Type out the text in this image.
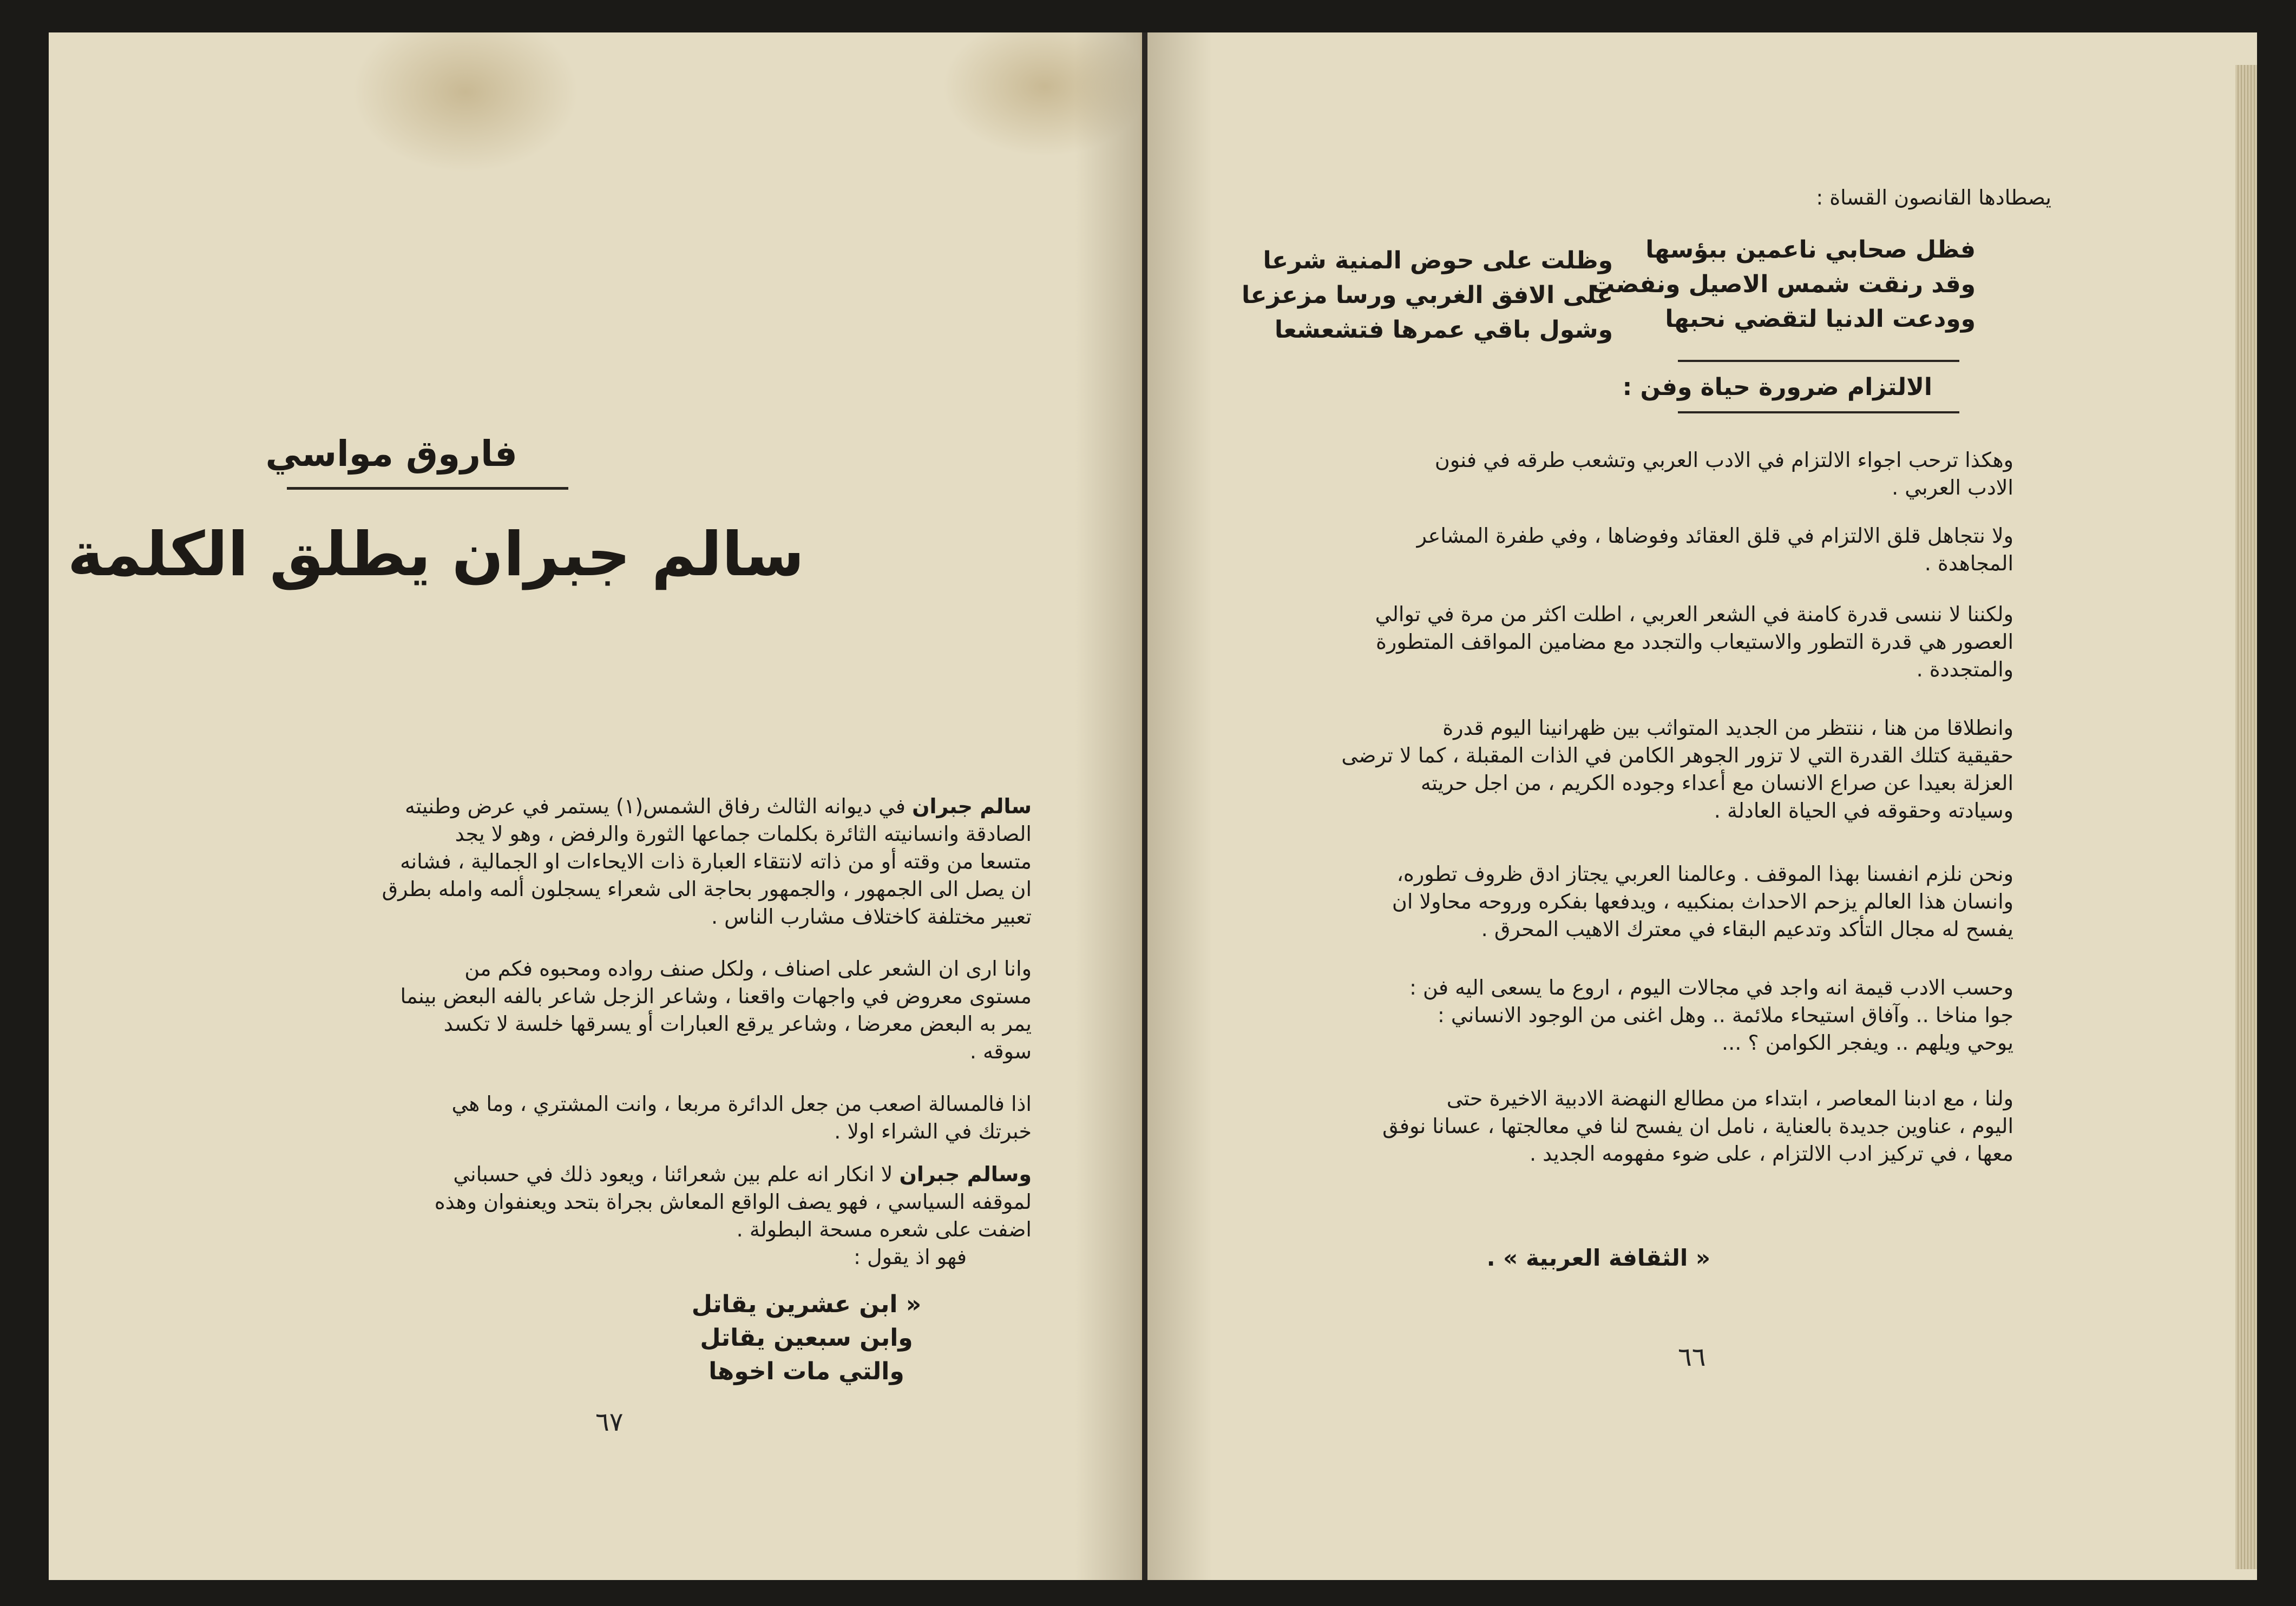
فاروق مواسي
سالم جبران يطلق الكلمة
سالم جبران في ديوانه الثالث رفاق الشمس(١) يستمر في عرض وطنيته
الصادقة وانسانيته الثائرة بكلمات جماعها الثورة والرفض ، وهو لا يجد
متسعا من وقته أو من ذاته لانتقاء العبارة ذات الايحاءات او الجمالية ، فشانه
ان يصل الى الجمهور ، والجمهور بحاجة الى شعراء يسجلون ألمه وامله بطرق
تعبير مختلفة كاختلاف مشارب الناس .
وانا ارى ان الشعر على اصناف ، ولكل صنف رواده ومحبوه فكم من
مستوى معروض في واجهات واقعنا ، وشاعر الزجل شاعر بالفه البعض بينما
يمر به البعض معرضا ، وشاعر يرقع العبارات أو يسرقها خلسة لا تكسد
سوقه .
اذا فالمسالة اصعب من جعل الدائرة مربعا ، وانت المشتري ، وما هي
خبرتك في الشراء اولا .
وسالم جبران لا انكار انه علم بين شعرائنا ، ويعود ذلك في حسباني
لموقفه السياسي ، فهو يصف الواقع المعاش بجراة بتحد ويعنفوان وهذه
اضفت على شعره مسحة البطولة .
فهو اذ يقول :
« ابن عشرين يقاتل
وابن سبعين يقاتل
والتي مات اخوها
٦٧
يصطادها القانصون القساة :
فظل صحابي ناعمين ببؤسها
وقد رنقت شمس الاصيل ونفضت
وودعت الدنيا لتقضي نحبها
وظلت على حوض المنية شرعا
على الافق الغربي ورسا مزعزعا
وشول باقي عمرها فتشعشعا
الالتزام ضرورة حياة وفن :
وهكذا ترحب اجواء الالتزام في الادب العربي وتشعب طرقه في فنون
الادب العربي .
ولا نتجاهل قلق الالتزام في قلق العقائد وفوضاها ، وفي طفرة المشاعر
المجاهدة .
ولكننا لا ننسى قدرة كامنة في الشعر العربي ، اطلت اكثر من مرة في توالي
العصور هي قدرة التطور والاستيعاب والتجدد مع مضامين المواقف المتطورة
والمتجددة .
وانطلاقا من هنا ، ننتظر من الجديد المتواثب بين ظهرانينا اليوم قدرة
حقيقية كتلك القدرة التي لا تزور الجوهر الكامن في الذات المقبلة ، كما لا ترضى
العزلة بعيدا عن صراع الانسان مع أعداء وجوده الكريم ، من اجل حريته
وسيادته وحقوقه في الحياة العادلة .
ونحن نلزم انفسنا بهذا الموقف . وعالمنا العربي يجتاز ادق ظروف تطوره،
وانسان هذا العالم يزحم الاحداث بمنكبيه ، ويدفعها بفكره وروحه محاولا ان
يفسح له مجال التأكد وتدعيم البقاء في معترك الاهيب المحرق .
وحسب الادب قيمة انه واجد في مجالات اليوم ، اروع ما يسعى اليه فن :
جوا مناخا .. وآفاق استيحاء ملائمة .. وهل اغنى من الوجود الانساني :
يوحي ويلهم .. ويفجر الكوامن ؟ ...
ولنا ، مع ادبنا المعاصر ، ابتداء من مطالع النهضة الادبية الاخيرة حتى
اليوم ، عناوين جديدة بالعناية ، نامل ان يفسح لنا في معالجتها ، عسانا نوفق
معها ، في تركيز ادب الالتزام ، على ضوء مفهومه الجديد .
« الثقافة العربية » .
٦٦
